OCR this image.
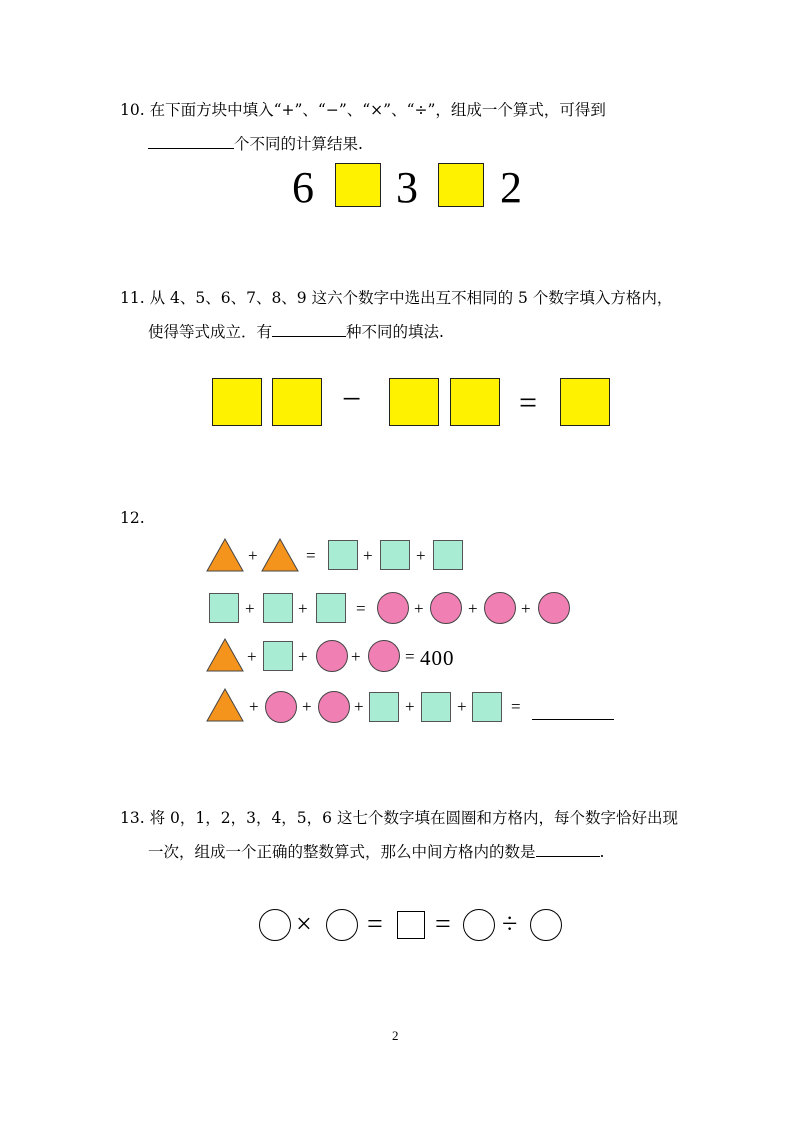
10. 在下面方块中填入“+”、“−”、“×”、“÷”，组成一个算式，可得到
个不同的计算结果.
6 3 2
11. 从 4、5、6、7、8、9 这六个数字中选出互不相同的 5 个数字填入方格内，
使得等式成立．有	种不同的填法.
−	=
12.
+	=	+	+
+	+	=	+	+	+
+ +	+	= 400
+	+ + + +	=
13. 将 0，1，2，3，4，5，6 这七个数字填在圆圈和方格内，每个数字恰好出现
一次，组成一个正确的整数算式，那么中间方格内的数是	.
× = = ÷
2
